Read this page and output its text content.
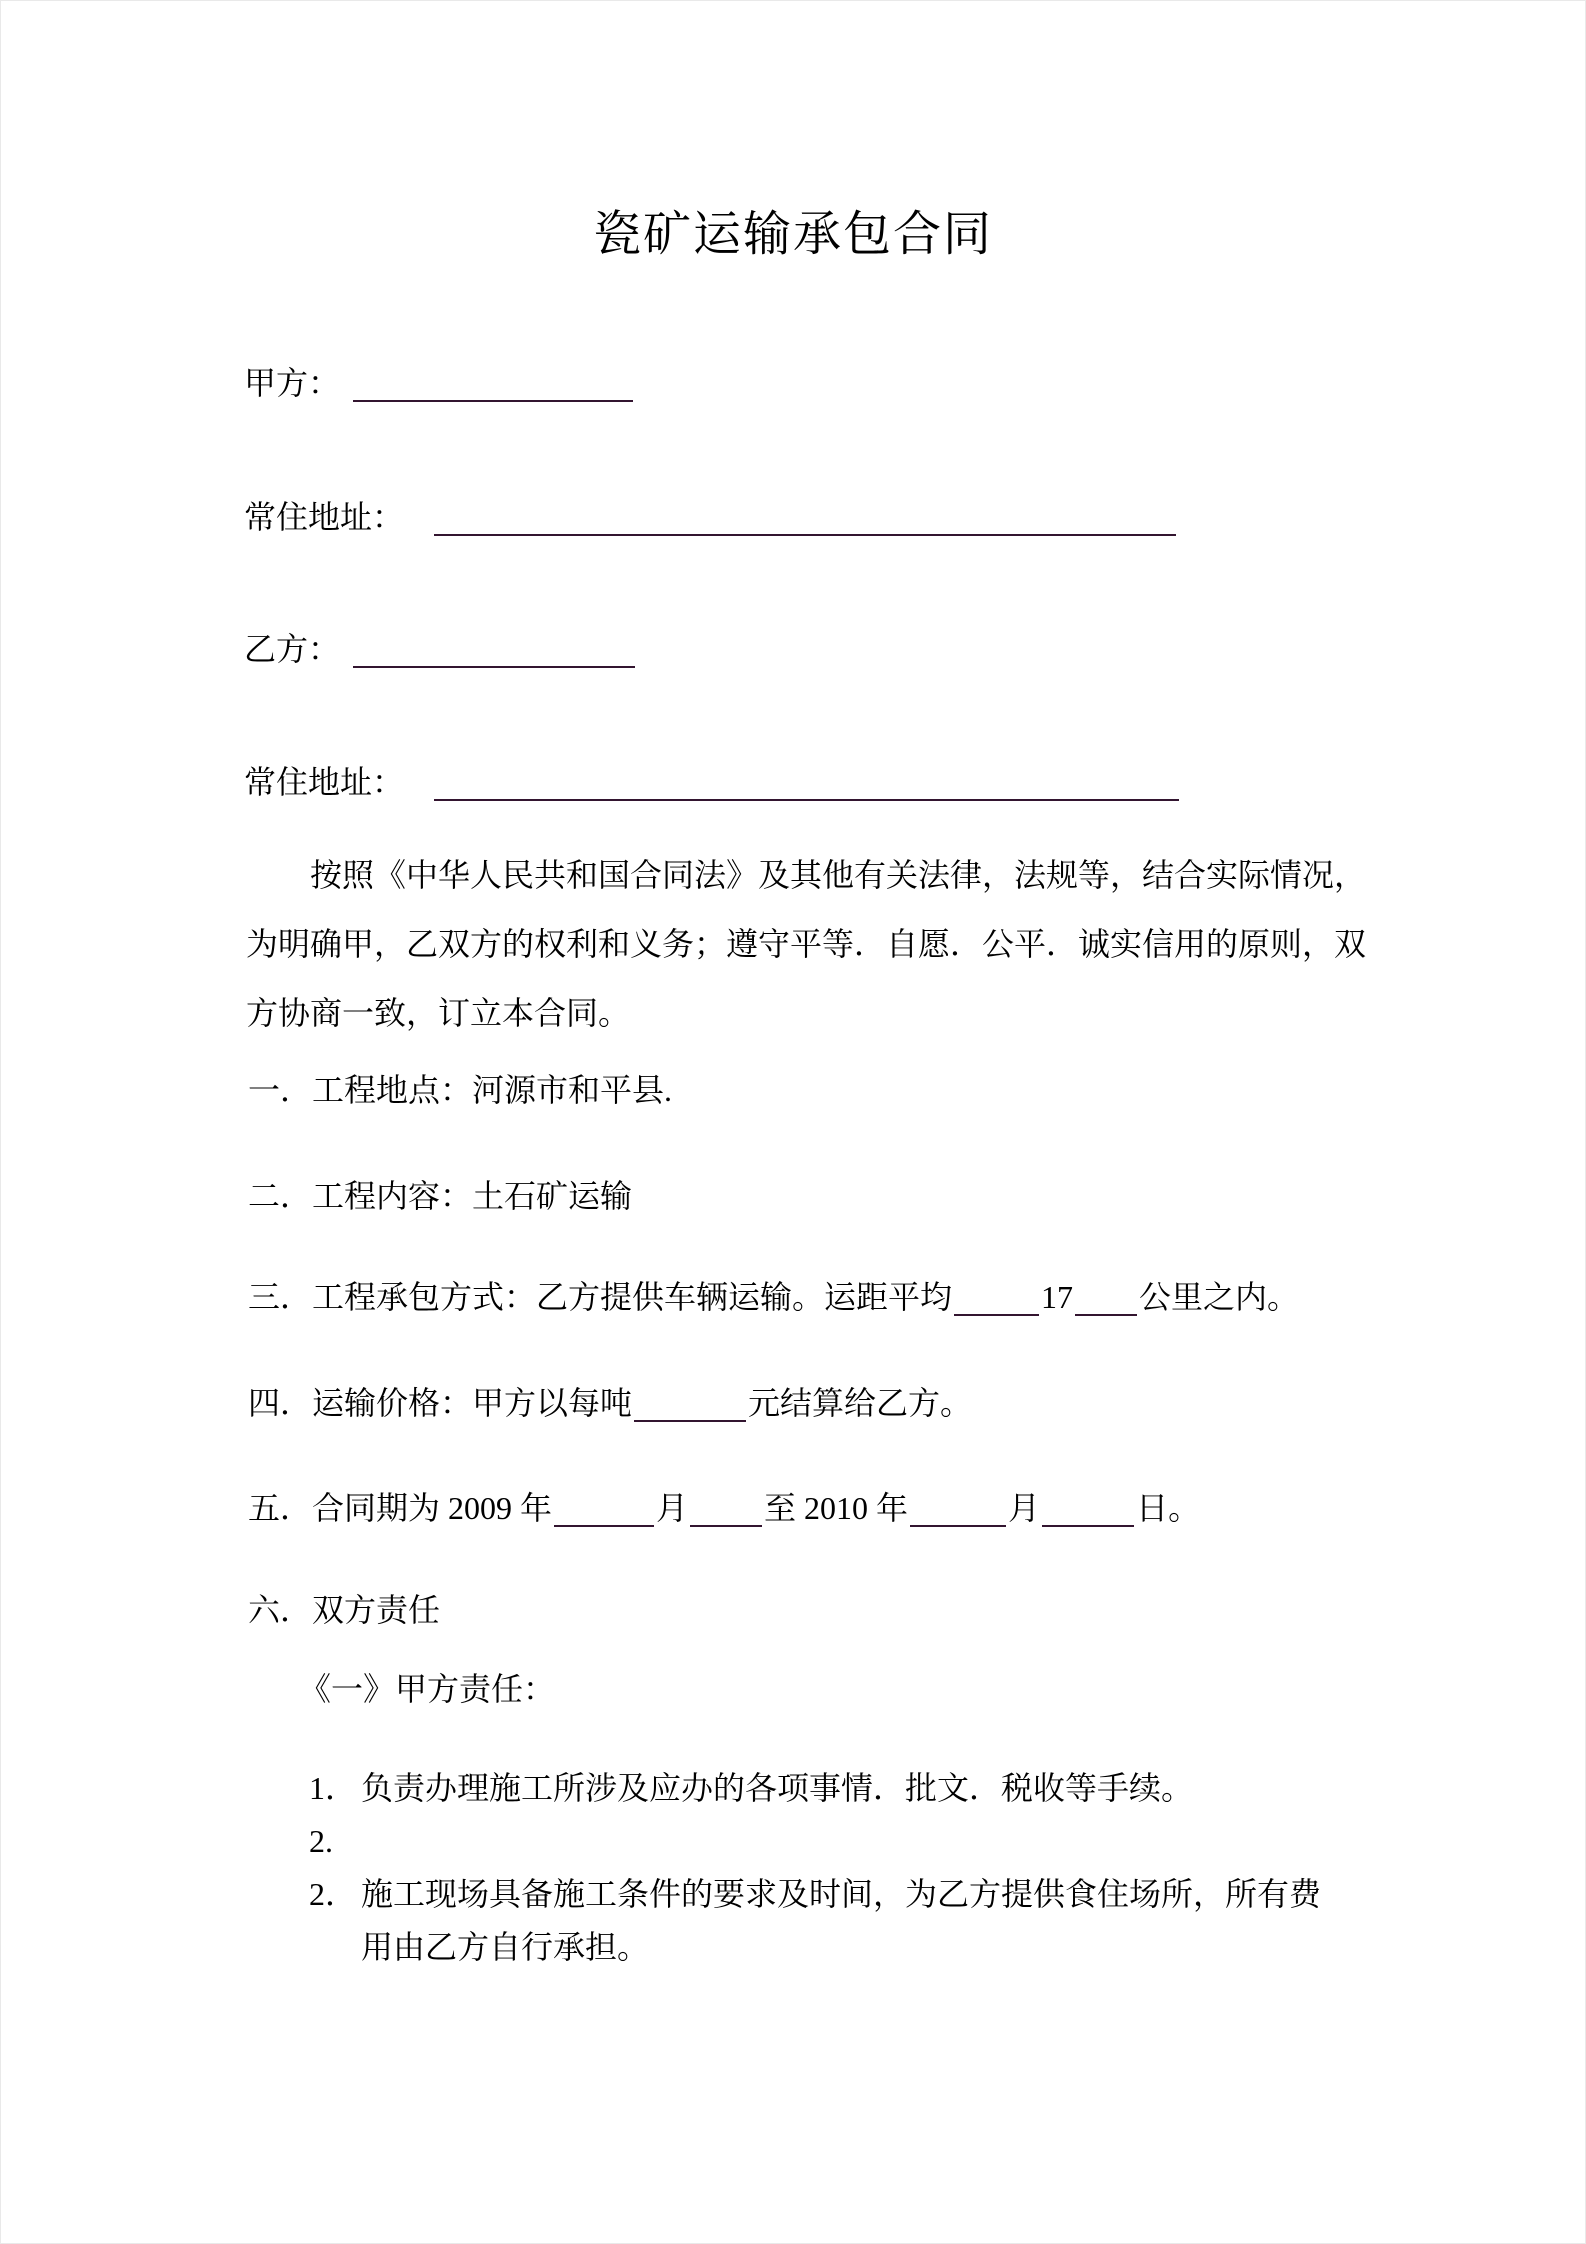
瓷矿运输承包合同
甲方：
常住地址：
乙方：
常住地址：
按照《中华人民共和国合同法》及其他有关法律，法规等，结合实际情况，
为明确甲，乙双方的权利和义务；遵守平等．自愿．公平．诚实信用的原则，双
方协商一致，订立本合同。
一．工程地点：河源市和平县.
二．工程内容：土石矿运输
三．工程承包方式：乙方提供车辆运输。运距平均	17 公里之内。
四．运输价格：甲方以每吨	元结算给乙方。
五．合同期为 2009 年	月 至 2010 年	月	日。
六．双方责任
《一》甲方责任：
1． 负责办理施工所涉及应办的各项事情．批文．税收等手续。
2.
2． 施工现场具备施工条件的要求及时间，为乙方提供食住场所，所有费用由乙方自行承担。
